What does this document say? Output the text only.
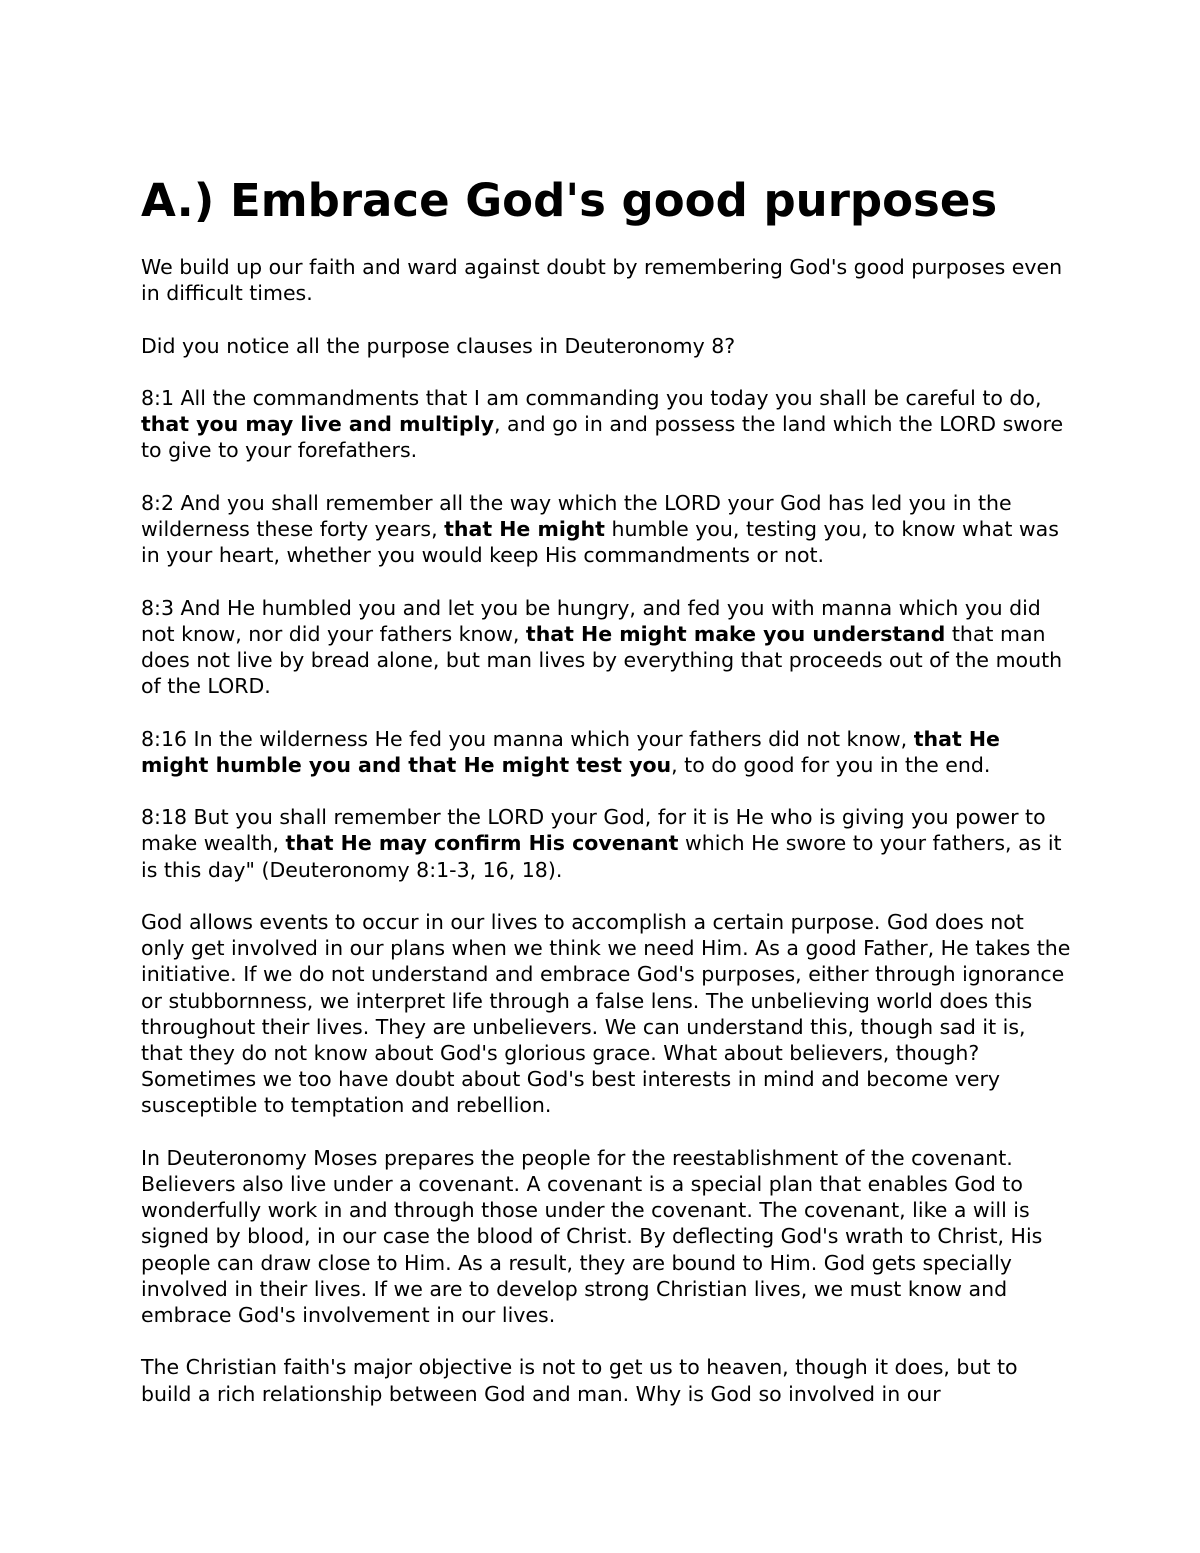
A.) Embrace God's good purposes
We build up our faith and ward against doubt by remembering God's good purposes even in difficult times.
Did you notice all the purpose clauses in Deuteronomy 8?
8:1 All the commandments that I am commanding you today you shall be careful to do, that you may live and multiply, and go in and possess the land which the LORD swore to give to your forefathers.
8:2 And you shall remember all the way which the LORD your God has led you in the wilderness these forty years, that He might humble you, testing you, to know what was in your heart, whether you would keep His commandments or not.
8:3 And He humbled you and let you be hungry, and fed you with manna which you did not know, nor did your fathers know, that He might make you understand that man does not live by bread alone, but man lives by everything that proceeds out of the mouth of the LORD.
8:16 In the wilderness He fed you manna which your fathers did not know, that He might humble you and that He might test you, to do good for you in the end.
8:18 But you shall remember the LORD your God, for it is He who is giving you power to make wealth, that He may confirm His covenant which He swore to your fathers, as it is this day" (Deuteronomy 8:1-3, 16, 18).
God allows events to occur in our lives to accomplish a certain purpose. God does not only get involved in our plans when we think we need Him. As a good Father, He takes the initiative. If we do not understand and embrace God's purposes, either through ignorance or stubbornness, we interpret life through a false lens. The unbelieving world does this throughout their lives. They are unbelievers. We can understand this, though sad it is, that they do not know about God's glorious grace. What about believers, though? Sometimes we too have doubt about God's best interests in mind and become very susceptible to temptation and rebellion.
In Deuteronomy Moses prepares the people for the reestablishment of the covenant. Believers also live under a covenant. A covenant is a special plan that enables God to wonderfully work in and through those under the covenant. The covenant, like a will is signed by blood, in our case the blood of Christ. By deflecting God's wrath to Christ, His people can draw close to Him. As a result, they are bound to Him. God gets specially involved in their lives. If we are to develop strong Christian lives, we must know and embrace God's involvement in our lives.
The Christian faith's major objective is not to get us to heaven, though it does, but to build a rich relationship between God and man. Why is God so involved in our
